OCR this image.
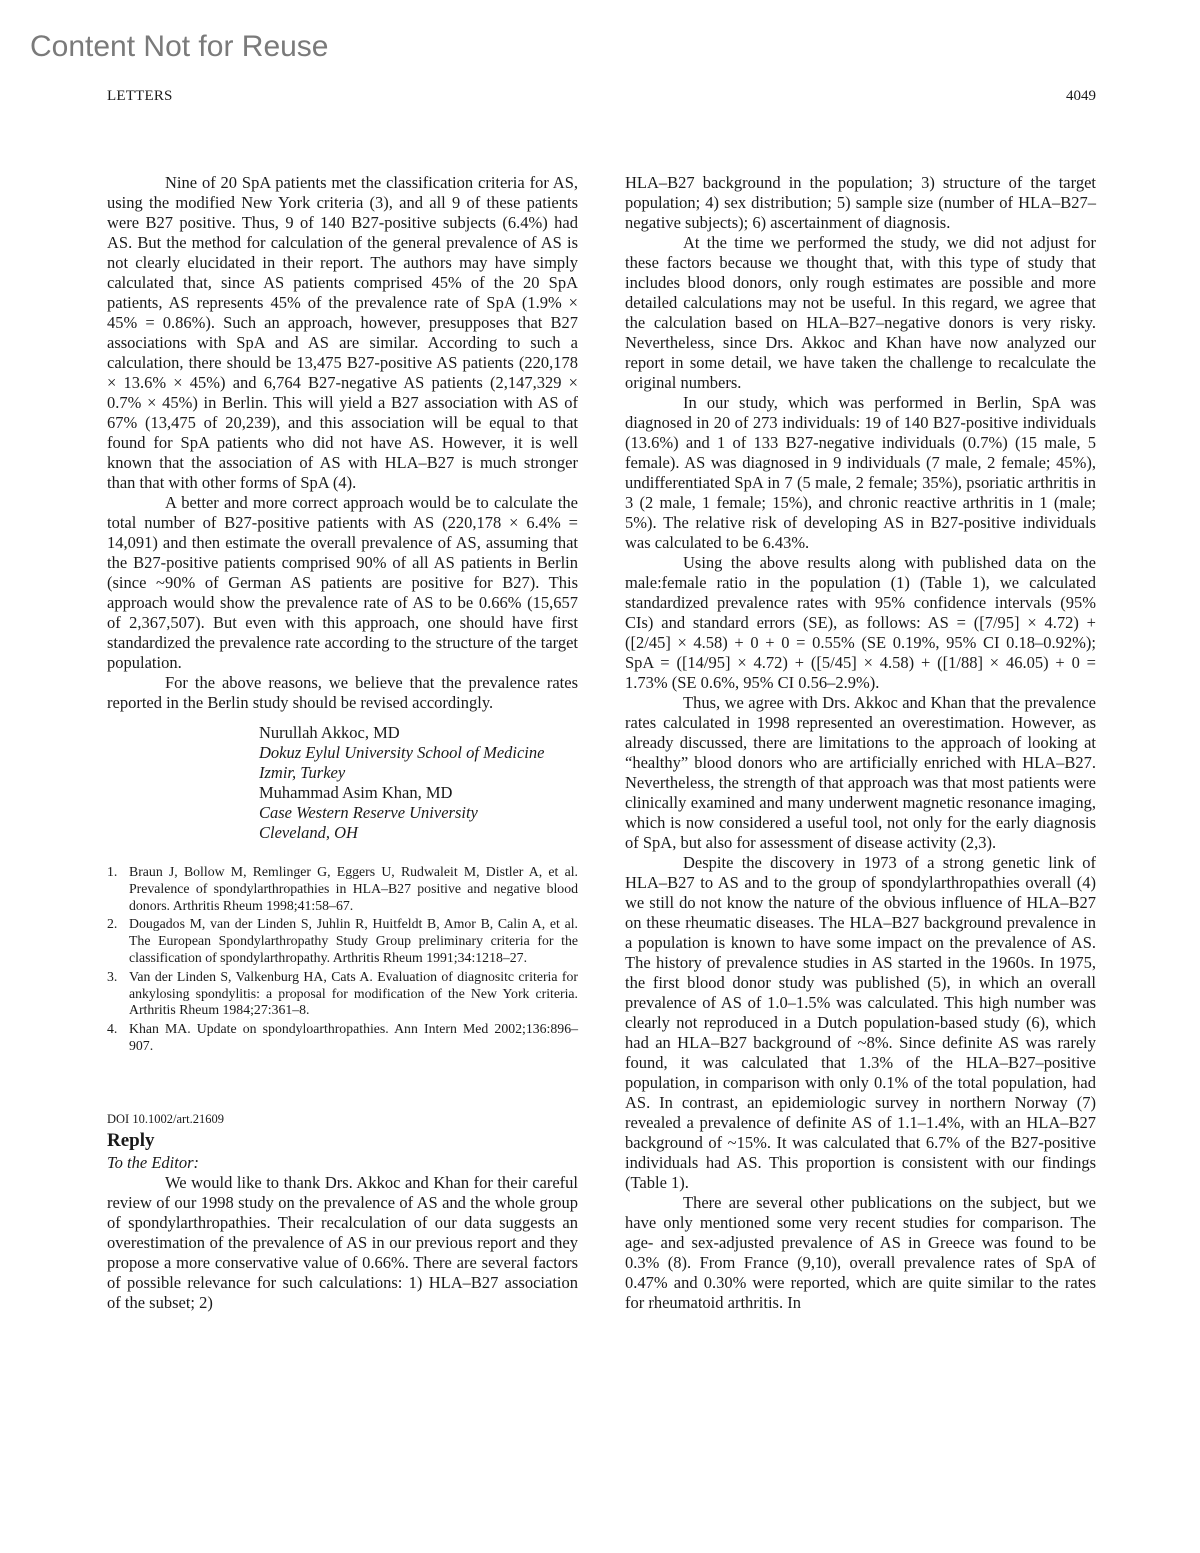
Content Not for Reuse
LETTERS	4049

Nine of 20 SpA patients met the classification criteria for AS, using the modified New York criteria (3), and all 9 of these patients were B27 positive. Thus, 9 of 140 B27-positive subjects (6.4%) had AS. But the method for calculation of the general prevalence of AS is not clearly elucidated in their report. The authors may have simply calculated that, since AS patients comprised 45% of the 20 SpA patients, AS represents 45% of the prevalence rate of SpA (1.9% × 45% = 0.86%). Such an approach, however, presupposes that B27 associations with SpA and AS are similar. According to such a calculation, there should be 13,475 B27-positive AS patients (220,178 × 13.6% × 45%) and 6,764 B27-negative AS patients (2,147,329 × 0.7% × 45%) in Berlin. This will yield a B27 association with AS of 67% (13,475 of 20,239), and this association will be equal to that found for SpA patients who did not have AS. However, it is well known that the association of AS with HLA–B27 is much stronger than that with other forms of SpA (4).

A better and more correct approach would be to calculate the total number of B27-positive patients with AS (220,178 × 6.4% = 14,091) and then estimate the overall prevalence of AS, assuming that the B27-positive patients comprised 90% of all AS patients in Berlin (since ~90% of German AS patients are positive for B27). This approach would show the prevalence rate of AS to be 0.66% (15,657 of 2,367,507). But even with this approach, one should have first standardized the prevalence rate according to the structure of the target population.

For the above reasons, we believe that the prevalence rates reported in the Berlin study should be revised accordingly.

Nurullah Akkoc, MD
Dokuz Eylul University School of Medicine
Izmir, Turkey
Muhammad Asim Khan, MD
Case Western Reserve University
Cleveland, OH
1. Braun J, Bollow M, Remlinger G, Eggers U, Rudwaleit M, Distler A, et al. Prevalence of spondylarthropathies in HLA–B27 positive and negative blood donors. Arthritis Rheum 1998;41:58–67.
2. Dougados M, van der Linden S, Juhlin R, Huitfeldt B, Amor B, Calin A, et al. The European Spondylarthropathy Study Group preliminary criteria for the classification of spondylarthropathy. Arthritis Rheum 1991;34:1218–27.
3. Van der Linden S, Valkenburg HA, Cats A. Evaluation of diagnositc criteria for ankylosing spondylitis: a proposal for modification of the New York criteria. Arthritis Rheum 1984;27:361–8.
4. Khan MA. Update on spondyloarthropathies. Ann Intern Med 2002;136:896–907.
DOI 10.1002/art.21609
Reply

To the Editor:

We would like to thank Drs. Akkoc and Khan for their careful review of our 1998 study on the prevalence of AS and the whole group of spondylarthropathies. Their recalculation of our data suggests an overestimation of the prevalence of AS in our previous report and they propose a more conservative value of 0.66%. There are several factors of possible relevance for such calculations: 1) HLA–B27 association of the subset; 2)

HLA–B27 background in the population; 3) structure of the target population; 4) sex distribution; 5) sample size (number of HLA–B27–negative subjects); 6) ascertainment of diagnosis.

At the time we performed the study, we did not adjust for these factors because we thought that, with this type of study that includes blood donors, only rough estimates are possible and more detailed calculations may not be useful. In this regard, we agree that the calculation based on HLA–B27–negative donors is very risky. Nevertheless, since Drs. Akkoc and Khan have now analyzed our report in some detail, we have taken the challenge to recalculate the original numbers.

In our study, which was performed in Berlin, SpA was diagnosed in 20 of 273 individuals: 19 of 140 B27-positive individuals (13.6%) and 1 of 133 B27-negative individuals (0.7%) (15 male, 5 female). AS was diagnosed in 9 individuals (7 male, 2 female; 45%), undifferentiated SpA in 7 (5 male, 2 female; 35%), psoriatic arthritis in 3 (2 male, 1 female; 15%), and chronic reactive arthritis in 1 (male; 5%). The relative risk of developing AS in B27-positive individuals was calculated to be 6.43%.

Using the above results along with published data on the male:female ratio in the population (1) (Table 1), we calculated standardized prevalence rates with 95% confidence intervals (95% CIs) and standard errors (SE), as follows: AS = ([7/95] × 4.72) + ([2/45] × 4.58) + 0 + 0 = 0.55% (SE 0.19%, 95% CI 0.18–0.92%); SpA = ([14/95] × 4.72) + ([5/45] × 4.58) + ([1/88] × 46.05) + 0 = 1.73% (SE 0.6%, 95% CI 0.56–2.9%).

Thus, we agree with Drs. Akkoc and Khan that the prevalence rates calculated in 1998 represented an overestimation. However, as already discussed, there are limitations to the approach of looking at “healthy” blood donors who are artificially enriched with HLA–B27. Nevertheless, the strength of that approach was that most patients were clinically examined and many underwent magnetic resonance imaging, which is now considered a useful tool, not only for the early diagnosis of SpA, but also for assessment of disease activity (2,3).

Despite the discovery in 1973 of a strong genetic link of HLA–B27 to AS and to the group of spondylarthropathies overall (4) we still do not know the nature of the obvious influence of HLA–B27 on these rheumatic diseases. The HLA–B27 background prevalence in a population is known to have some impact on the prevalence of AS. The history of prevalence studies in AS started in the 1960s. In 1975, the first blood donor study was published (5), in which an overall prevalence of AS of 1.0–1.5% was calculated. This high number was clearly not reproduced in a Dutch population-based study (6), which had an HLA–B27 background of ~8%. Since definite AS was rarely found, it was calculated that 1.3% of the HLA–B27–positive population, in comparison with only 0.1% of the total population, had AS. In contrast, an epidemiologic survey in northern Norway (7) revealed a prevalence of definite AS of 1.1–1.4%, with an HLA–B27 background of ~15%. It was calculated that 6.7% of the B27-positive individuals had AS. This proportion is consistent with our findings (Table 1).

There are several other publications on the subject, but we have only mentioned some very recent studies for comparison. The age- and sex-adjusted prevalence of AS in Greece was found to be 0.3% (8). From France (9,10), overall prevalence rates of SpA of 0.47% and 0.30% were reported, which are quite similar to the rates for rheumatoid arthritis. In
